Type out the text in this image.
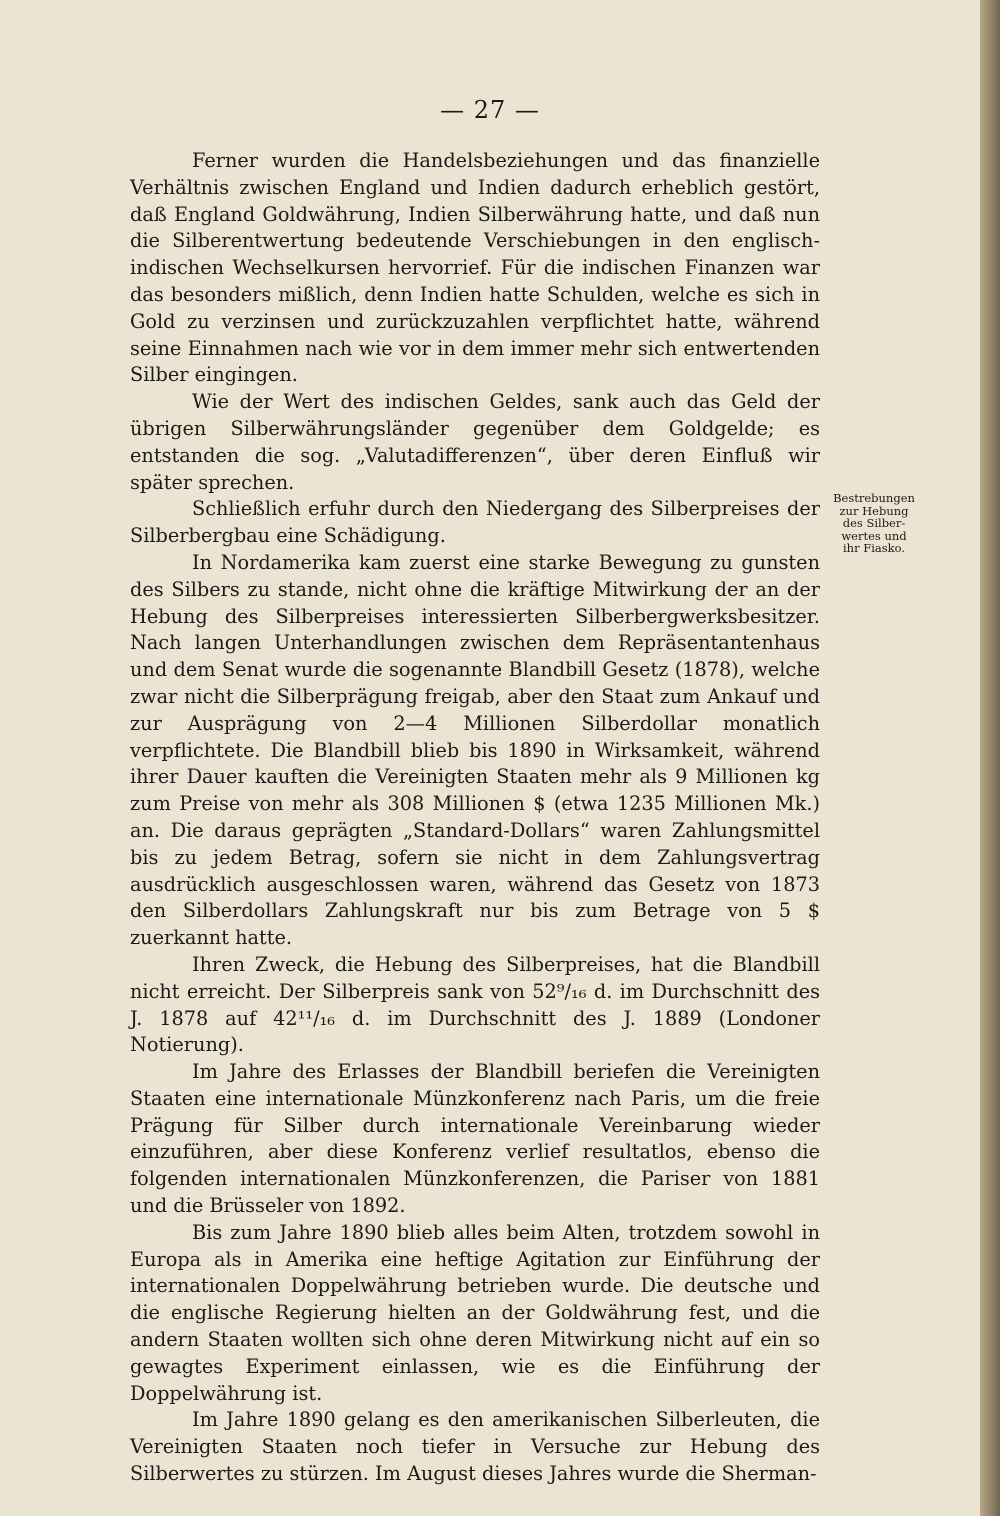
— 27 —

Ferner wurden die Handelsbeziehungen und das finanzielle Verhältnis zwischen England und Indien dadurch erheblich gestört, daß England Goldwährung, Indien Silberwährung hatte, und daß nun die Silberentwertung bedeutende Verschiebungen in den englisch-indischen Wechselkursen hervorrief. Für die indischen Finanzen war das besonders mißlich, denn Indien hatte Schulden, welche es sich in Gold zu verzinsen und zurückzuzahlen verpflichtet hatte, während seine Einnahmen nach wie vor in dem immer mehr sich entwertenden Silber eingingen.

Wie der Wert des indischen Geldes, sank auch das Geld der übrigen Silberwährungsländer gegenüber dem Goldgelde; es entstanden die sog. „Valutadifferenzen“, über deren Einfluß wir später sprechen.

Schließlich erfuhr durch den Niedergang des Silberpreises der Silberbergbau eine Schädigung.

In Nordamerika kam zuerst eine starke Bewegung zu gunsten des Silbers zu stande, nicht ohne die kräftige Mitwirkung der an der Hebung des Silberpreises interessierten Silberbergwerksbesitzer. Nach langen Unterhandlungen zwischen dem Repräsentantenhaus und dem Senat wurde die sogenannte Blandbill Gesetz (1878), welche zwar nicht die Silberprägung freigab, aber den Staat zum Ankauf und zur Ausprägung von 2—4 Millionen Silberdollar monatlich verpflichtete. Die Blandbill blieb bis 1890 in Wirksamkeit, während ihrer Dauer kauften die Vereinigten Staaten mehr als 9 Millionen kg zum Preise von mehr als 308 Millionen $ (etwa 1235 Millionen Mk.) an. Die daraus geprägten „Standard-Dollars“ waren Zahlungsmittel bis zu jedem Betrag, sofern sie nicht in dem Zahlungsvertrag ausdrücklich ausgeschlossen waren, während das Gesetz von 1873 den Silberdollars Zahlungskraft nur bis zum Betrage von 5 $ zuerkannt hatte.

Ihren Zweck, die Hebung des Silberpreises, hat die Blandbill nicht erreicht. Der Silberpreis sank von 52⁹/₁₆ d. im Durchschnitt des J. 1878 auf 42¹¹/₁₆ d. im Durchschnitt des J. 1889 (Londoner Notierung).

Im Jahre des Erlasses der Blandbill beriefen die Vereinigten Staaten eine internationale Münzkonferenz nach Paris, um die freie Prägung für Silber durch internationale Vereinbarung wieder einzuführen, aber diese Konferenz verlief resultatlos, ebenso die folgenden internationalen Münzkonferenzen, die Pariser von 1881 und die Brüsseler von 1892.

Bis zum Jahre 1890 blieb alles beim Alten, trotzdem sowohl in Europa als in Amerika eine heftige Agitation zur Einführung der internationalen Doppelwährung betrieben wurde. Die deutsche und die englische Regierung hielten an der Goldwährung fest, und die andern Staaten wollten sich ohne deren Mitwirkung nicht auf ein so gewagtes Experiment einlassen, wie es die Einführung der Doppelwährung ist.

Im Jahre 1890 gelang es den amerikanischen Silberleuten, die Vereinigten Staaten noch tiefer in Versuche zur Hebung des Silberwertes zu stürzen. Im August dieses Jahres wurde die Sherman-

Bestrebungen
zur Hebung
des Silber-
wertes und
ihr Fiasko.
